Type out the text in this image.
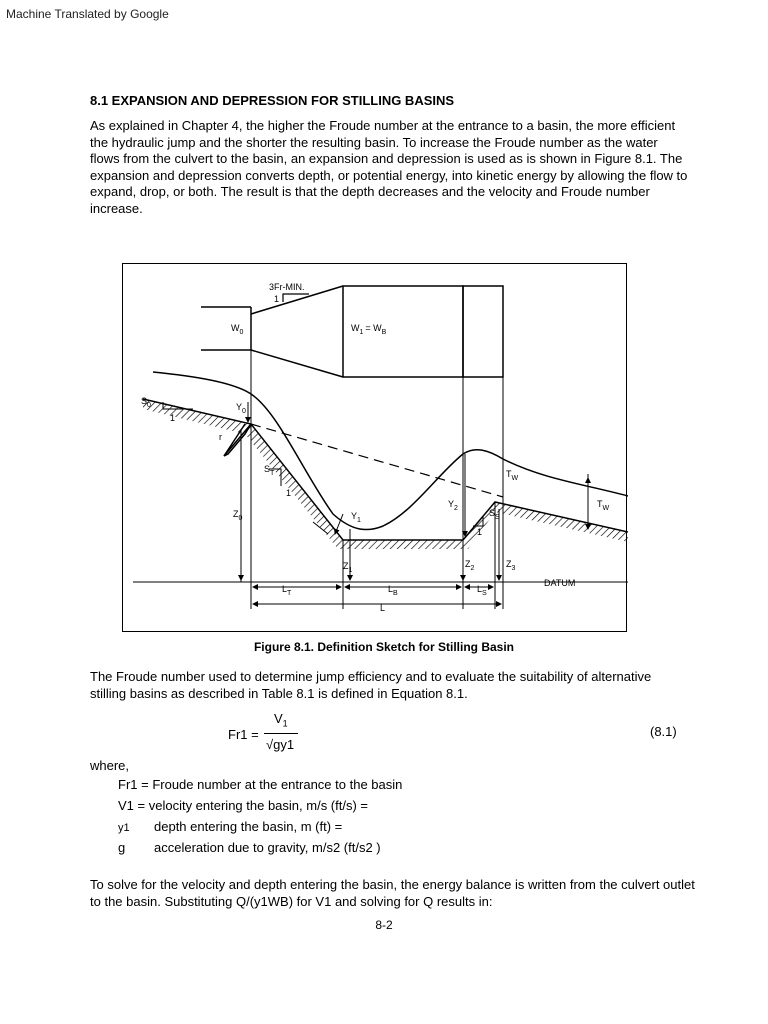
Machine Translated by Google
8.1 EXPANSION AND DEPRESSION FOR STILLING BASINS
As explained in Chapter 4, the higher the Froude number at the entrance to a basin, the more efficient the hydraulic jump and the shorter the resulting basin. To increase the Froude number as the water flows from the culvert to the basin, an expansion and depression is used as is shown in Figure 8.1. The expansion and depression converts depth, or potential energy, into kinetic energy by allowing the flow to expand, drop, or both. The result is that the depth decreases and the velocity and Froude number increase.
3Fr-MIN.
1
$W_0$	$W_1 = W_B$
$S_0$
1
$Y_0$
r
$S_T$
1
$Z_0$	$Y_1$
$Y_2$
$T_W$
$T_W$
$S_S$
1
$Z_1$
$Z_2$	$Z_3$
DATUM
$L_T$	$L_B$	$L_S$
L
Figure 8.1. Definition Sketch for Stilling Basin
The Froude number used to determine jump efficiency and to evaluate the suitability of alternative stilling basins as described in Table 8.1 is defined in Equation 8.1.
Fr1 =
$V_1$
√gy1
(8.1)
where,
Fr1 = Froude number at the entrance to the basin
V1 = velocity entering the basin, m/s (ft/s) =
y1 depth entering the basin, m (ft) =
g acceleration due to gravity, m/s2 (ft/s2 )
To solve for the velocity and depth entering the basin, the energy balance is written from the culvert outlet to the basin. Substituting Q/(y1WB) for V1 and solving for Q results in:
8-2
